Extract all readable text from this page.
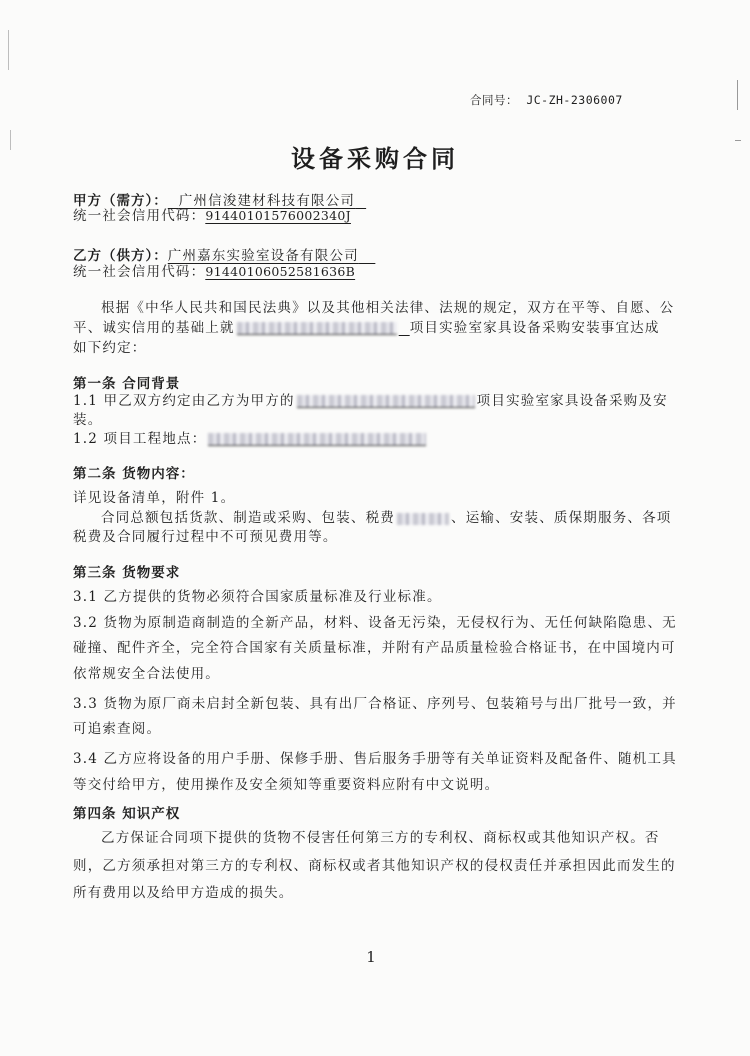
合同号： JC-ZH-2306007
设备采购合同
甲方（需方）： 广州信浚建材科技有限公司
统一社会信用代码：91440101576002340J
乙方（供方）：广州嘉东实验室设备有限公司
统一社会信用代码：91440106052581636B
根据《中华人民共和国民法典》以及其他相关法律、法规的规定，双方在平等、自愿、公
平、诚实信用的基础上就	项目实验室家具设备采购安装事宜达成
如下约定：
第一条 合同背景
1.1 甲乙双方约定由乙方为甲方的	项目实验室家具设备采购及安
装。
1.2 项目工程地点：
第二条 货物内容：
详见设备清单，附件 1。
合同总额包括货款、制造或采购、包装、税费	、运输、安装、质保期服务、各项
税费及合同履行过程中不可预见费用等。
第三条 货物要求
3.1 乙方提供的货物必须符合国家质量标准及行业标准。
3.2 货物为原制造商制造的全新产品，材料、设备无污染，无侵权行为、无任何缺陷隐患、无
碰撞、配件齐全，完全符合国家有关质量标准，并附有产品质量检验合格证书，在中国境内可
依常规安全合法使用。
3.3 货物为原厂商未启封全新包装、具有出厂合格证、序列号、包装箱号与出厂批号一致，并
可追索查阅。
3.4 乙方应将设备的用户手册、保修手册、售后服务手册等有关单证资料及配备件、随机工具
等交付给甲方，使用操作及安全须知等重要资料应附有中文说明。
第四条 知识产权
乙方保证合同项下提供的货物不侵害任何第三方的专利权、商标权或其他知识产权。否
则，乙方须承担对第三方的专利权、商标权或者其他知识产权的侵权责任并承担因此而发生的
所有费用以及给甲方造成的损失。
1
